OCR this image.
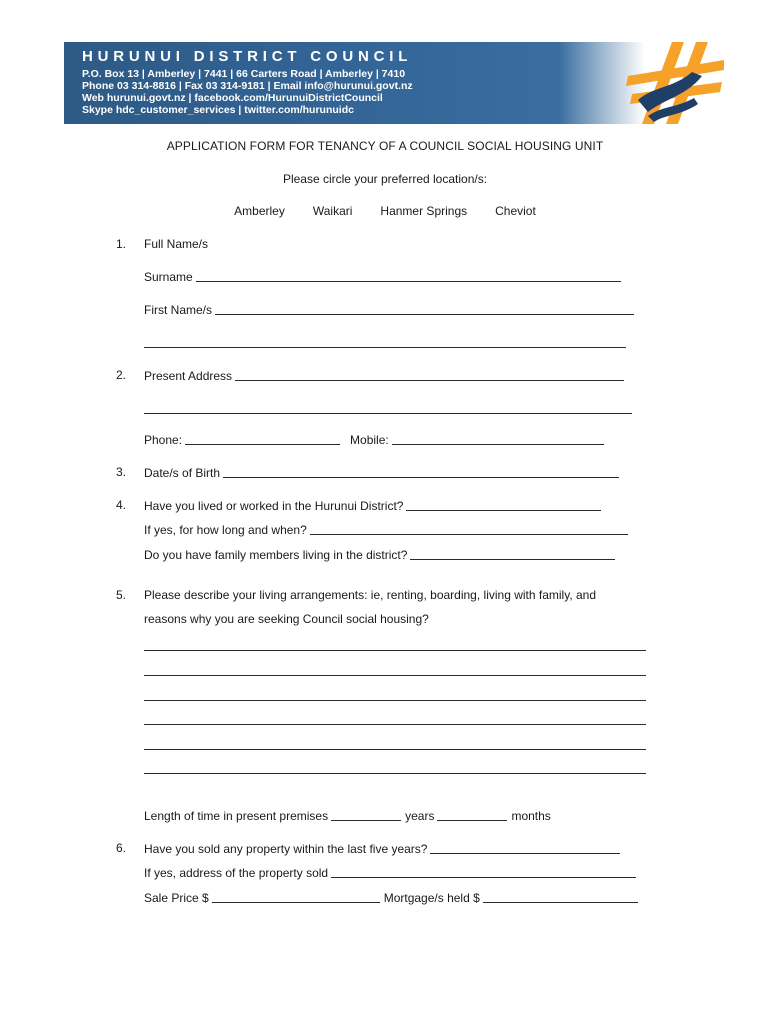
HURUNUI DISTRICT COUNCIL

P.O. Box 13 | Amberley | 7441 | 66 Carters Road | Amberley | 7410

Phone 03 314-8816 | Fax 03 314-9181 | Email info@hurunui.govt.nz

Web hurunui.govt.nz | facebook.com/HurunuiDistrictCouncil

Skype hdc_customer_services | twitter.com/hurunuidc

APPLICATION FORM FOR TENANCY OF A COUNCIL SOCIAL HOUSING UNIT

Please circle your preferred location/s:

Amberley Waikari Hanmer Springs Cheviot

1. Full Name/s

Surname
First Name/s

2. Present Address
Phone:	Mobile:

3. Date/s of Birth

4. Have you lived or worked in the Hurunui District?
If yes, for how long and when?
Do you have family members living in the district?

5. Please describe your living arrangements: ie, renting, boarding, living with family, and

reasons why you are seeking Council social housing?

Length of time in present premises	years	months

6. Have you sold any property within the last five years?
If yes, address of the property sold
Sale Price $	Mortgage/s held $
